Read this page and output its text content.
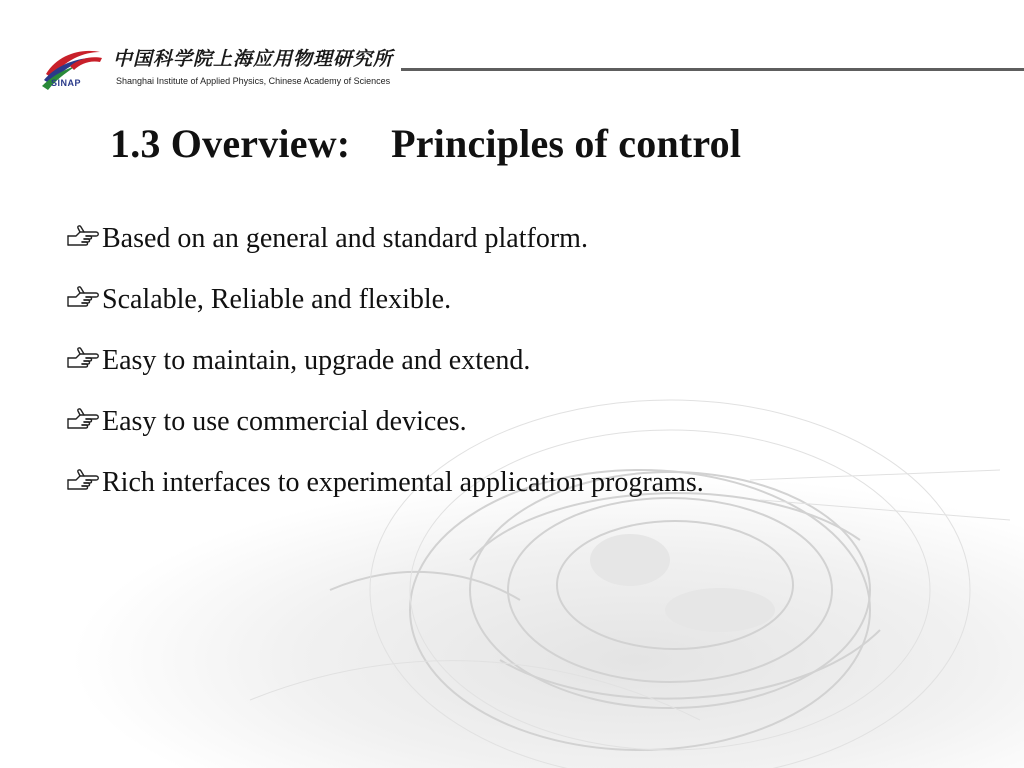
SINAP
中国科学院上海应用物理研究所
Shanghai Institute of Applied Physics, Chinese Academy of Sciences
1.3 Overview:    Principles of control
Based on an general and standard platform.
Scalable, Reliable and flexible.
Easy to maintain, upgrade and extend.
Easy to use commercial devices.
Rich interfaces to experimental application programs.
